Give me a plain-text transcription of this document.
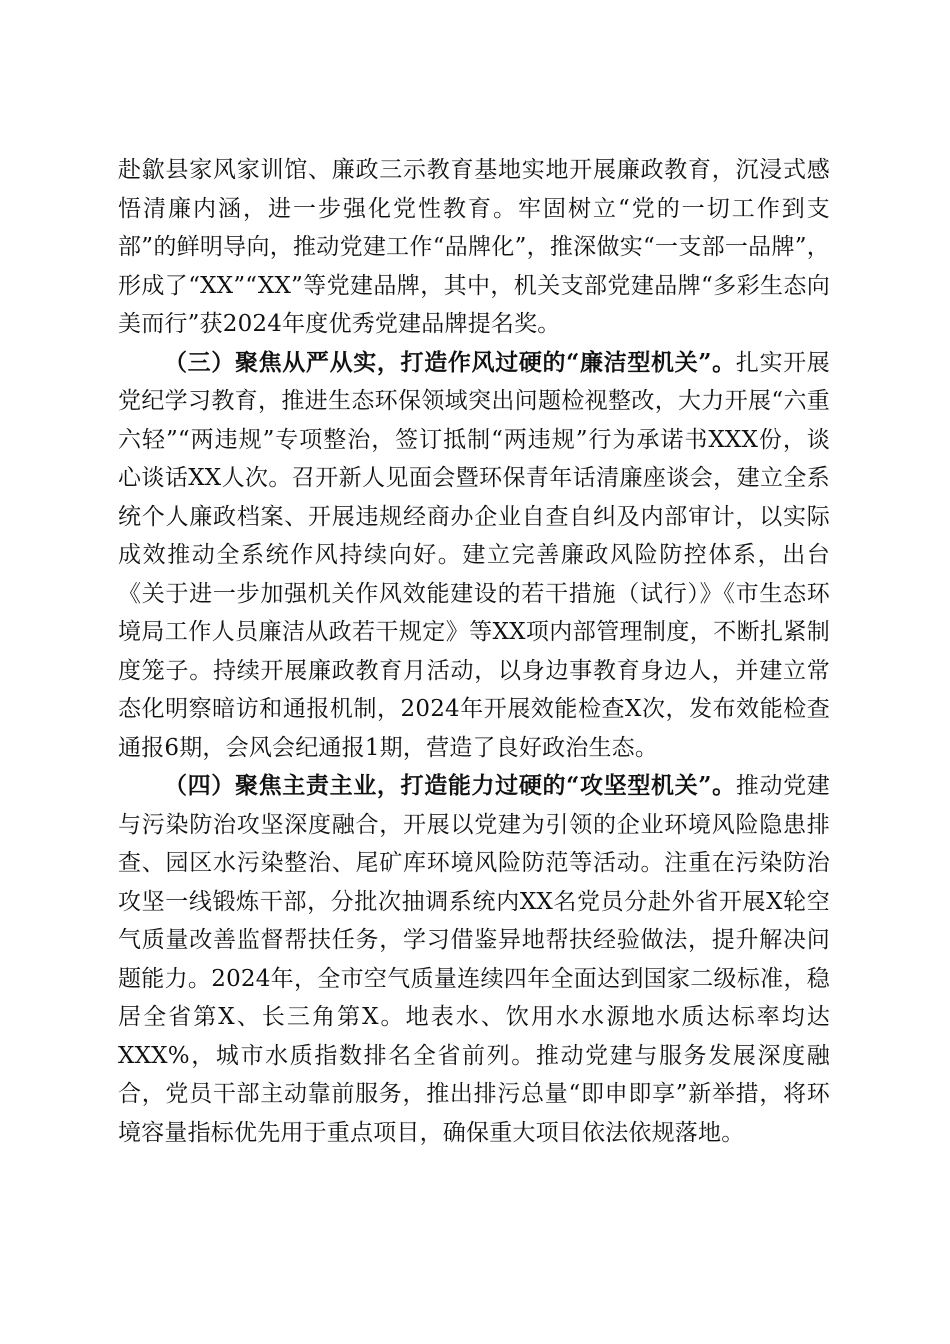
赴歙县家风家训馆、廉政三示教育基地实地开展廉政教育，沉浸式感悟清廉内涵，进一步强化党性教育。牢固树立“党的一切工作到支部”的鲜明导向，推动党建工作“品牌化”，推深做实“一支部一品牌”，形成了“XX”“XX”等党建品牌，其中，机关支部党建品牌“多彩生态向美而行”获2024年度优秀党建品牌提名奖。

（三）聚焦从严从实，打造作风过硬的“廉洁型机关”。扎实开展党纪学习教育，推进生态环保领域突出问题检视整改，大力开展“六重六轻”“两违规”专项整治，签订抵制“两违规”行为承诺书XXX份，谈心谈话XX人次。召开新人见面会暨环保青年话清廉座谈会，建立全系统个人廉政档案、开展违规经商办企业自查自纠及内部审计，以实际成效推动全系统作风持续向好。建立完善廉政风险防控体系，出台《关于进一步加强机关作风效能建设的若干措施（试行）》《市生态环境局工作人员廉洁从政若干规定》等XX项内部管理制度，不断扎紧制度笼子。持续开展廉政教育月活动，以身边事教育身边人，并建立常态化明察暗访和通报机制，2024年开展效能检查X次，发布效能检查通报6期，会风会纪通报1期，营造了良好政治生态。

（四）聚焦主责主业，打造能力过硬的“攻坚型机关”。推动党建与污染防治攻坚深度融合，开展以党建为引领的企业环境风险隐患排查、园区水污染整治、尾矿库环境风险防范等活动。注重在污染防治攻坚一线锻炼干部，分批次抽调系统内XX名党员分赴外省开展X轮空气质量改善监督帮扶任务，学习借鉴异地帮扶经验做法，提升解决问题能力。2024年，全市空气质量连续四年全面达到国家二级标准，稳居全省第X、长三角第X。地表水、饮用水水源地水质达标率均达XXX%，城市水质指数排名全省前列。推动党建与服务发展深度融合，党员干部主动靠前服务，推出排污总量“即申即享”新举措，将环境容量指标优先用于重点项目，确保重大项目依法依规落地。
